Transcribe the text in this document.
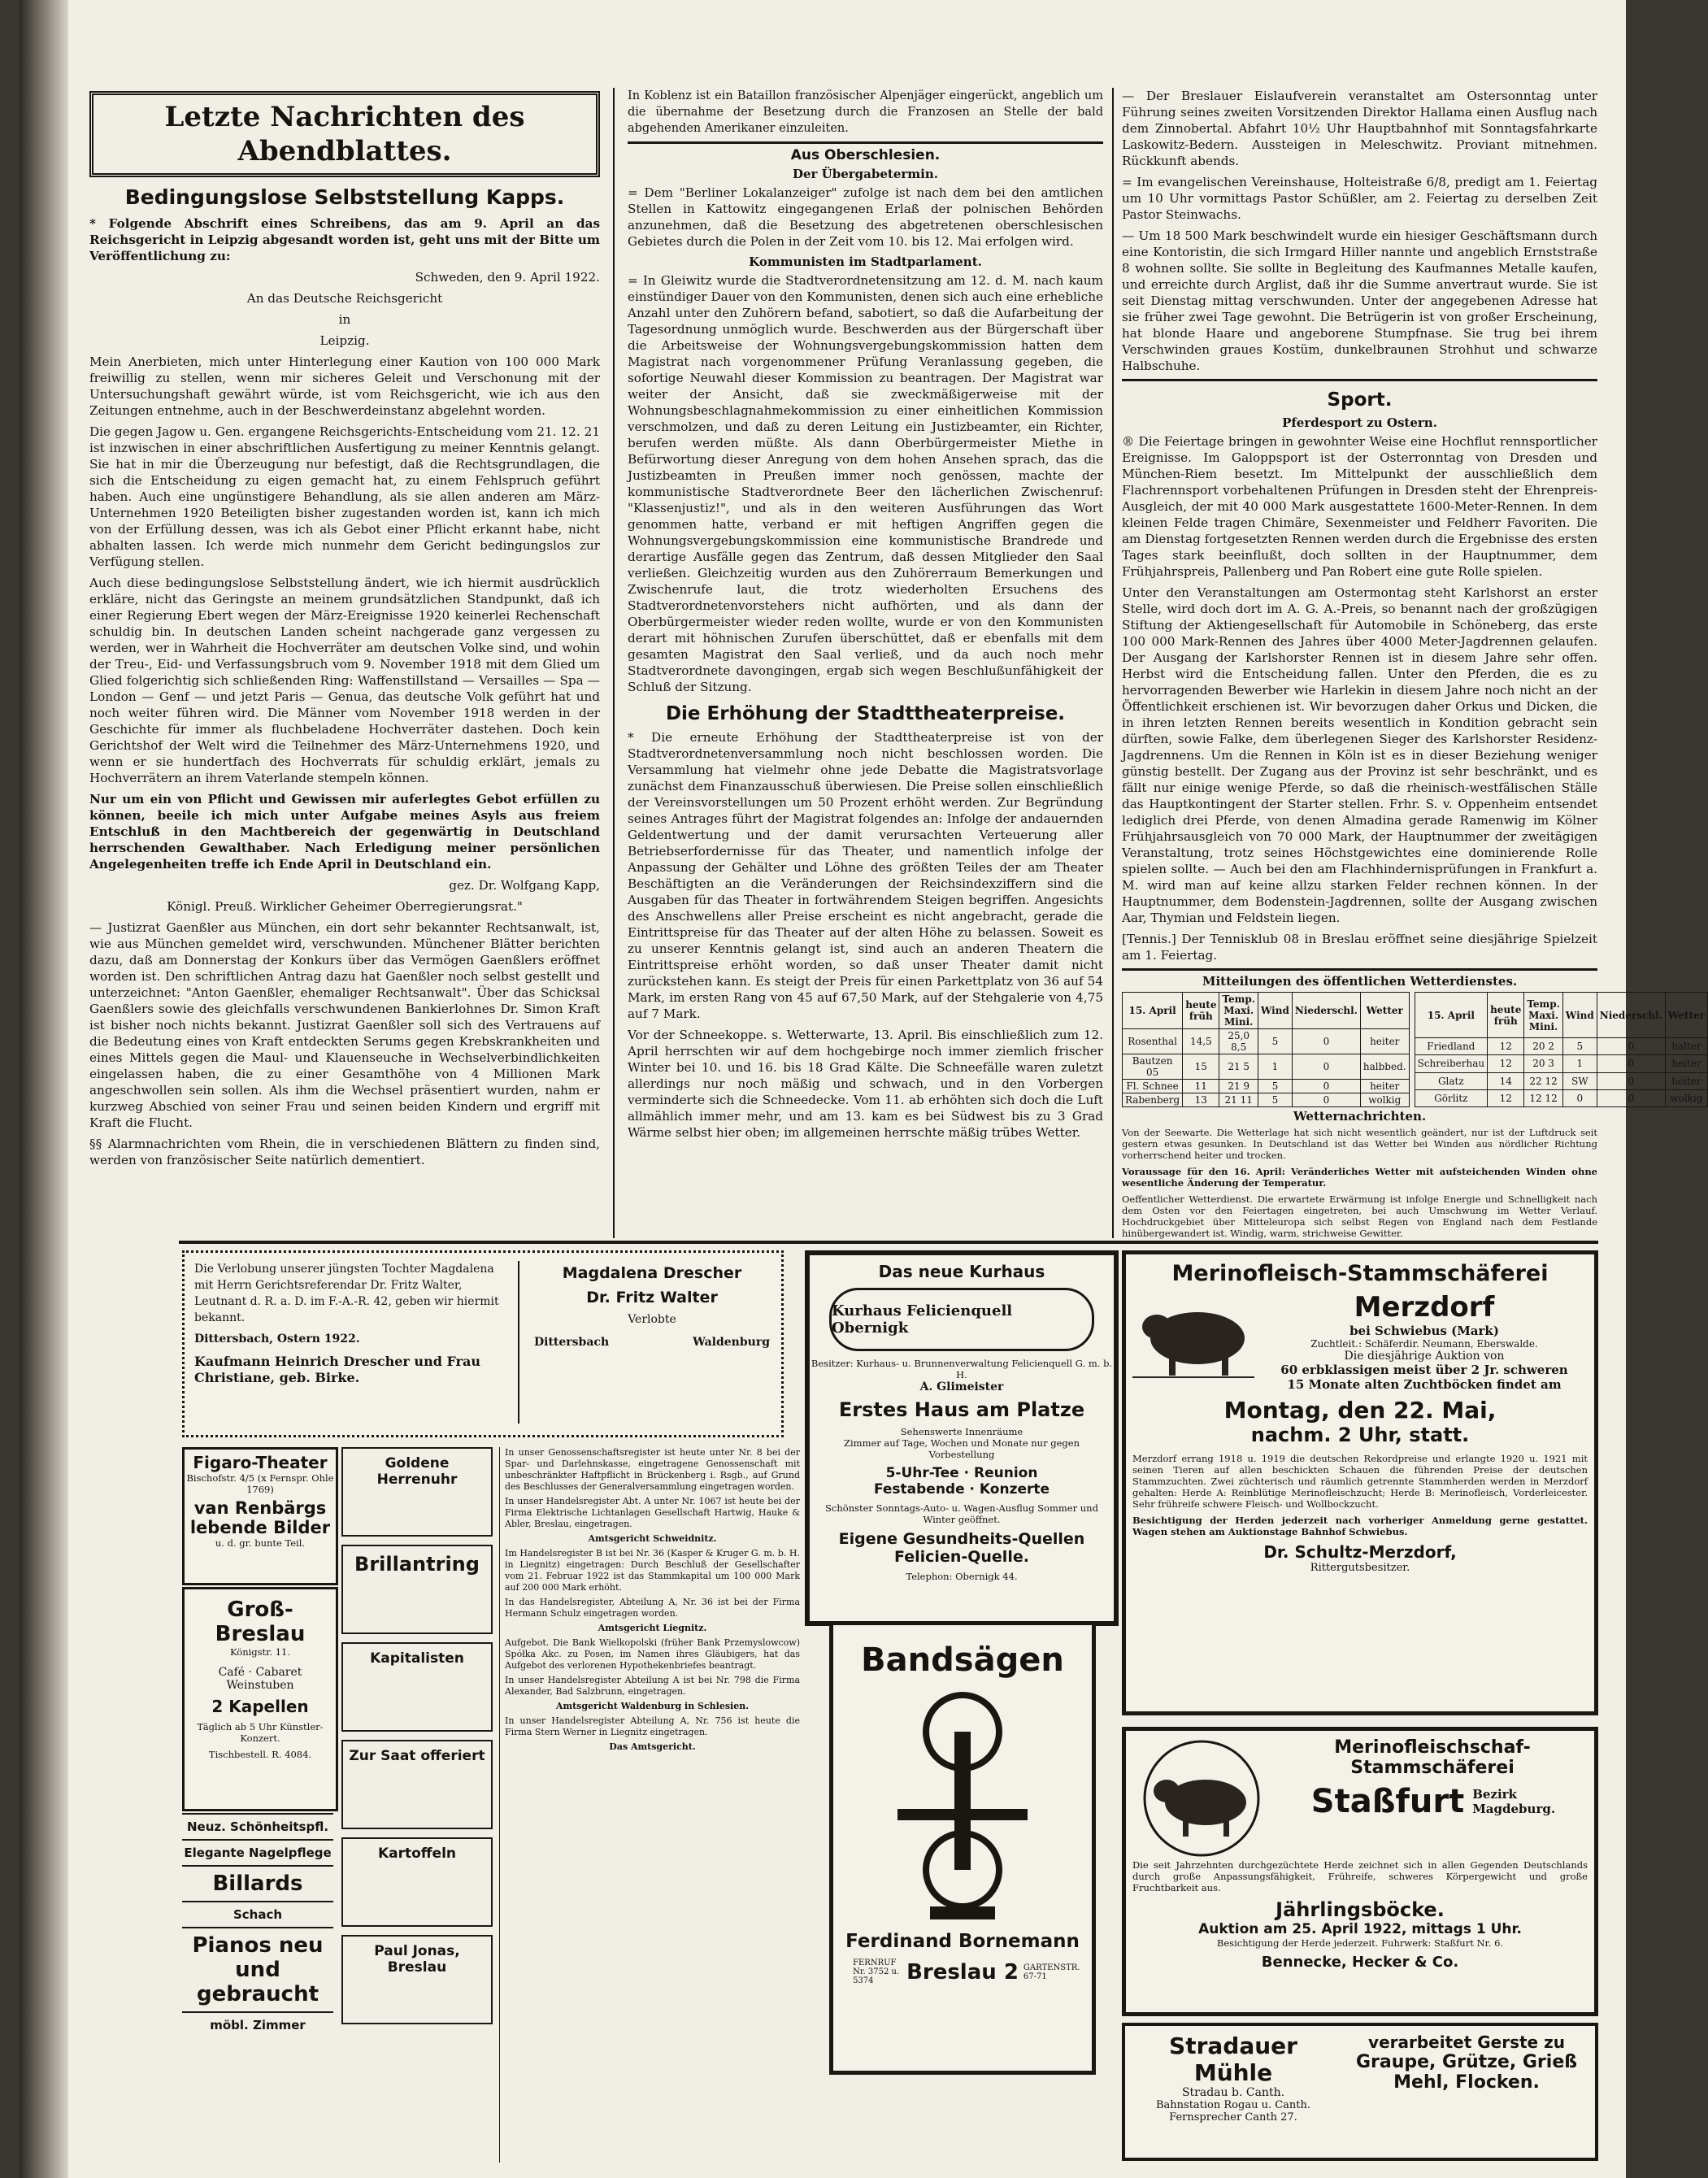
Letzte Nachrichten des Abendblattes.
Bedingungslose Selbststellung Kapps.

* Folgende Abschrift eines Schreibens, das am 9. April an das Reichsgericht in Leipzig abgesandt worden ist, geht uns mit der Bitte um Veröffentlichung zu:

Schweden, den 9. April 1922.

An das Deutsche Reichsgericht

in

Leipzig.

Mein Anerbieten, mich unter Hinterlegung einer Kaution von 100 000 Mark freiwillig zu stellen, wenn mir sicheres Geleit und Verschonung mit der Untersuchungshaft gewährt würde, ist vom Reichsgericht, wie ich aus den Zeitungen entnehme, auch in der Beschwerdeinstanz abgelehnt worden.

Die gegen Jagow u. Gen. ergangene Reichsgerichts-Entscheidung vom 21. 12. 21 ist inzwischen in einer abschriftlichen Ausfertigung zu meiner Kenntnis gelangt. Sie hat in mir die Überzeugung nur befestigt, daß die Rechtsgrundlagen, die sich die Entscheidung zu eigen gemacht hat, zu einem Fehlspruch geführt haben. Auch eine ungünstigere Behandlung, als sie allen anderen am März-Unternehmen 1920 Beteiligten bisher zugestanden worden ist, kann ich mich von der Erfüllung dessen, was ich als Gebot einer Pflicht erkannt habe, nicht abhalten lassen. Ich werde mich nunmehr dem Gericht bedingungslos zur Verfügung stellen.

Auch diese bedingungslose Selbststellung ändert, wie ich hiermit ausdrücklich erkläre, nicht das Geringste an meinem grundsätzlichen Standpunkt, daß ich einer Regierung Ebert wegen der März-Ereignisse 1920 keinerlei Rechenschaft schuldig bin. In deutschen Landen scheint nachgerade ganz vergessen zu werden, wer in Wahrheit die Hochverräter am deutschen Volke sind, und wohin der Treu-, Eid- und Verfassungsbruch vom 9. November 1918 mit dem Glied um Glied folgerichtig sich schließenden Ring: Waffenstillstand — Versailles — Spa — London — Genf — und jetzt Paris — Genua, das deutsche Volk geführt hat und noch weiter führen wird. Die Männer vom November 1918 werden in der Geschichte für immer als fluchbeladene Hochverräter dastehen. Doch kein Gerichtshof der Welt wird die Teilnehmer des März-Unternehmens 1920, und wenn er sie hundertfach des Hochverrats für schuldig erklärt, jemals zu Hochverrätern an ihrem Vaterlande stempeln können.

Nur um ein von Pflicht und Gewissen mir auferlegtes Gebot erfüllen zu können, beeile ich mich unter Aufgabe meines Asyls aus freiem Entschluß in den Machtbereich der gegenwärtig in Deutschland herrschenden Gewalthaber. Nach Erledigung meiner persönlichen Angelegenheiten treffe ich Ende April in Deutschland ein.

gez. Dr. Wolfgang Kapp,

Königl. Preuß. Wirklicher Geheimer Oberregierungsrat."

— Justizrat Gaenßler aus München, ein dort sehr bekannter Rechtsanwalt, ist, wie aus München gemeldet wird, verschwunden. Münchener Blätter berichten dazu, daß am Donnerstag der Konkurs über das Vermögen Gaenßlers eröffnet worden ist. Den schriftlichen Antrag dazu hat Gaenßler noch selbst gestellt und unterzeichnet: "Anton Gaenßler, ehemaliger Rechtsanwalt". Über das Schicksal Gaenßlers sowie des gleichfalls verschwundenen Bankierlohnes Dr. Simon Kraft ist bisher noch nichts bekannt. Justizrat Gaenßler soll sich des Vertrauens auf die Bedeutung eines von Kraft entdeckten Serums gegen Krebskrankheiten und eines Mittels gegen die Maul- und Klauenseuche in Wechselverbindlichkeiten eingelassen haben, die zu einer Gesamthöhe von 4 Millionen Mark angeschwollen sein sollen. Als ihm die Wechsel präsentiert wurden, nahm er kurzweg Abschied von seiner Frau und seinen beiden Kindern und ergriff mit Kraft die Flucht.

§§ Alarmnachrichten vom Rhein, die in verschiedenen Blättern zu finden sind, werden von französischer Seite natürlich dementiert.

In Koblenz ist ein Bataillon französischer Alpenjäger eingerückt, angeblich um die übernahme der Besetzung durch die Franzosen an Stelle der bald abgehenden Amerikaner einzuleiten.

Aus Oberschlesien.
Der Übergabetermin.

= Dem "Berliner Lokalanzeiger" zufolge ist nach dem bei den amtlichen Stellen in Kattowitz eingegangenen Erlaß der polnischen Behörden anzunehmen, daß die Besetzung des abgetretenen oberschlesischen Gebietes durch die Polen in der Zeit vom 10. bis 12. Mai erfolgen wird.

Kommunisten im Stadtparlament.

= In Gleiwitz wurde die Stadtverordnetensitzung am 12. d. M. nach kaum einstündiger Dauer von den Kommunisten, denen sich auch eine erhebliche Anzahl unter den Zuhörern befand, sabotiert, so daß die Aufarbeitung der Tagesordnung unmöglich wurde. Beschwerden aus der Bürgerschaft über die Arbeitsweise der Wohnungsvergebungskommission hatten dem Magistrat nach vorgenommener Prüfung Veranlassung gegeben, die sofortige Neuwahl dieser Kommission zu beantragen. Der Magistrat war weiter der Ansicht, daß sie zweckmäßigerweise mit der Wohnungsbeschlagnahmekommission zu einer einheitlichen Kommission verschmolzen, und daß zu deren Leitung ein Justizbeamter, ein Richter, berufen werden müßte. Als dann Oberbürgermeister Miethe in Befürwortung dieser Anregung von dem hohen Ansehen sprach, das die Justizbeamten in Preußen immer noch genössen, machte der kommunistische Stadtverordnete Beer den lächerlichen Zwischenruf: "Klassenjustiz!", und als in den weiteren Ausführungen das Wort genommen hatte, verband er mit heftigen Angriffen gegen die Wohnungsvergebungskommission eine kommunistische Brandrede und derartige Ausfälle gegen das Zentrum, daß dessen Mitglieder den Saal verließen. Gleichzeitig wurden aus den Zuhörerraum Bemerkungen und Zwischenrufe laut, die trotz wiederholten Ersuchens des Stadtverordnetenvorstehers nicht aufhörten, und als dann der Oberbürgermeister wieder reden wollte, wurde er von den Kommunisten derart mit höhnischen Zurufen überschüttet, daß er ebenfalls mit dem gesamten Magistrat den Saal verließ, und da auch noch mehr Stadtverordnete davongingen, ergab sich wegen Beschlußunfähigkeit der Schluß der Sitzung.

Die Erhöhung der Stadttheaterpreise.

* Die erneute Erhöhung der Stadttheaterpreise ist von der Stadtverordnetenversammlung noch nicht beschlossen worden. Die Versammlung hat vielmehr ohne jede Debatte die Magistratsvorlage zunächst dem Finanzausschuß überwiesen. Die Preise sollen einschließlich der Vereinsvorstellungen um 50 Prozent erhöht werden. Zur Begründung seines Antrages führt der Magistrat folgendes an: Infolge der andauernden Geldentwertung und der damit verursachten Verteuerung aller Betriebserfordernisse für das Theater, und namentlich infolge der Anpassung der Gehälter und Löhne des größten Teiles der am Theater Beschäftigten an die Veränderungen der Reichsindexziffern sind die Ausgaben für das Theater in fortwährendem Steigen begriffen. Angesichts des Anschwellens aller Preise erscheint es nicht angebracht, gerade die Eintrittspreise für das Theater auf der alten Höhe zu belassen. Soweit es zu unserer Kenntnis gelangt ist, sind auch an anderen Theatern die Eintrittspreise erhöht worden, so daß unser Theater damit nicht zurückstehen kann. Es steigt der Preis für einen Parkettplatz von 36 auf 54 Mark, im ersten Rang von 45 auf 67,50 Mark, auf der Stehgalerie von 4,75 auf 7 Mark.

Vor der Schneekoppe. s. Wetterwarte, 13. April. Bis einschließlich zum 12. April herrschten wir auf dem hochgebirge noch immer ziemlich frischer Winter bei 10. und 16. bis 18 Grad Kälte. Die Schneefälle waren zuletzt allerdings nur noch mäßig und schwach, und in den Vorbergen verminderte sich die Schneedecke. Vom 11. ab erhöhten sich doch die Luft allmählich immer mehr, und am 13. kam es bei Südwest bis zu 3 Grad Wärme selbst hier oben; im allgemeinen herrschte mäßig trübes Wetter.

— Der Breslauer Eislaufverein veranstaltet am Ostersonntag unter Führung seines zweiten Vorsitzenden Direktor Hallama einen Ausflug nach dem Zinnobertal. Abfahrt 10½ Uhr Hauptbahnhof mit Sonntagsfahrkarte Laskowitz-Bedern. Aussteigen in Meleschwitz. Proviant mitnehmen. Rückkunft abends.

= Im evangelischen Vereinshause, Holteistraße 6/8, predigt am 1. Feiertag um 10 Uhr vormittags Pastor Schüßler, am 2. Feiertag zu derselben Zeit Pastor Steinwachs.

— Um 18 500 Mark beschwindelt wurde ein hiesiger Geschäftsmann durch eine Kontoristin, die sich Irmgard Hiller nannte und angeblich Ernststraße 8 wohnen sollte. Sie sollte in Begleitung des Kaufmannes Metalle kaufen, und erreichte durch Arglist, daß ihr die Summe anvertraut wurde. Sie ist seit Dienstag mittag verschwunden. Unter der angegebenen Adresse hat sie früher zwei Tage gewohnt. Die Betrügerin ist von großer Erscheinung, hat blonde Haare und angeborene Stumpfnase. Sie trug bei ihrem Verschwinden graues Kostüm, dunkelbraunen Strohhut und schwarze Halbschuhe.

Sport.
Pferdesport zu Ostern.

® Die Feiertage bringen in gewohnter Weise eine Hochflut rennsportlicher Ereignisse. Im Galoppsport ist der Osterronntag von Dresden und München-Riem besetzt. Im Mittelpunkt der ausschließlich dem Flachrennsport vorbehaltenen Prüfungen in Dresden steht der Ehrenpreis-Ausgleich, der mit 40 000 Mark ausgestattete 1600-Meter-Rennen. In dem kleinen Felde tragen Chimäre, Sexenmeister und Feldherr Favoriten. Die am Dienstag fortgesetzten Rennen werden durch die Ergebnisse des ersten Tages stark beeinflußt, doch sollten in der Hauptnummer, dem Frühjahrspreis, Pallenberg und Pan Robert eine gute Rolle spielen.

Unter den Veranstaltungen am Ostermontag steht Karlshorst an erster Stelle, wird doch dort im A. G. A.-Preis, so benannt nach der großzügigen Stiftung der Aktiengesellschaft für Automobile in Schöneberg, das erste 100 000 Mark-Rennen des Jahres über 4000 Meter-Jagdrennen gelaufen. Der Ausgang der Karlshorster Rennen ist in diesem Jahre sehr offen. Herbst wird die Entscheidung fallen. Unter den Pferden, die es zu hervorragenden Bewerber wie Harlekin in diesem Jahre noch nicht an der Öffentlichkeit erschienen ist. Wir bevorzugen daher Orkus und Dicken, die in ihren letzten Rennen bereits wesentlich in Kondition gebracht sein dürften, sowie Falke, dem überlegenen Sieger des Karlshorster Residenz-Jagdrennens. Um die Rennen in Köln ist es in dieser Beziehung weniger günstig bestellt. Der Zugang aus der Provinz ist sehr beschränkt, und es fällt nur einige wenige Pferde, so daß die rheinisch-westfälischen Ställe das Hauptkontingent der Starter stellen. Frhr. S. v. Oppenheim entsendet lediglich drei Pferde, von denen Almadina gerade Ramenwig im Kölner Frühjahrsausgleich von 70 000 Mark, der Hauptnummer der zweitägigen Veranstaltung, trotz seines Höchstgewichtes eine dominierende Rolle spielen sollte. — Auch bei den am Flachhindernisprüfungen in Frankfurt a. M. wird man auf keine allzu starken Felder rechnen können. In der Hauptnummer, dem Bodenstein-Jagdrennen, sollte der Ausgang zwischen Aar, Thymian und Feldstein liegen.

[Tennis.] Der Tennisklub 08 in Breslau eröffnet seine diesjährige Spielzeit am 1. Feiertag.

Mitteilungen des öffentlichen Wetterdienstes.
15. April	heute früh	Temp. Maxi. Mini.	Wind	Niederschl.	Wetter
Rosenthal	14,5	25,0 8,5	5	0	heiter
Bautzen 05	15	21 5	1	0	halbbed.
Fl. Schnee	11	21 9	5	0	heiter
Rabenberg	13	21 11	5	0	wolkig
15. April	heute früh	Temp. Maxi. Mini.	Wind	Niederschl.	Wetter
Friedland	12	20 2	5	0	halter
Schreiberhau	12	20 3	1	0	heiter
Glatz	14	22 12	SW	0	heiter
Görlitz	12	12 12	0	0	wolkig
Wetternachrichten.

Von der Seewarte. Die Wetterlage hat sich nicht wesentlich geändert, nur ist der Luftdruck seit gestern etwas gesunken. In Deutschland ist das Wetter bei Winden aus nördlicher Richtung vorherrschend heiter und trocken.

Voraussage für den 16. April: Veränderliches Wetter mit aufsteichenden Winden ohne wesentliche Änderung der Temperatur.

Oeffentlicher Wetterdienst. Die erwartete Erwärmung ist infolge Energie und Schnelligkeit nach dem Osten vor den Feiertagen eingetreten, bei auch Umschwung im Wetter Verlauf. Hochdruckgebiet über Mitteleuropa sich selbst Regen von England nach dem Festlande hinübergewandert ist. Windig, warm, strichweise Gewitter.

Die Verlobung unserer jüngsten Tochter Magdalena mit Herrn Gerichtsreferendar Dr. Fritz Walter, Leutnant d. R. a. D. im F.-A.-R. 42, geben wir hiermit bekannt.
Dittersbach, Ostern 1922.
Kaufmann Heinrich Drescher und Frau Christiane, geb. Birke.
Magdalena Drescher
Dr. Fritz Walter
Verlobte
Dittersbach	Waldenburg
Das neue Kurhaus
Kurhaus Felicienquell Obernigk
Besitzer: Kurhaus- u. Brunnenverwaltung Felicienquell G. m. b. H.
A. Glimeister
Erstes Haus am Platze
Sehenswerte Innenräume
Zimmer auf Tage, Wochen und Monate nur gegen Vorbestellung
5-Uhr-Tee · Reunion
Festabende · Konzerte
Schönster Sonntags-Auto- u. Wagen-Ausflug Sommer und Winter geöffnet.
Eigene Gesundheits-Quellen Felicien-Quelle.
Telephon: Obernigk 44.
Merinofleisch-Stammschäferei
Merzdorf
bei Schwiebus (Mark)
Zuchtleit.: Schäferdir. Neumann, Eberswalde.
Die diesjährige Auktion von
60 erbklassigen meist über 2 Jr. schweren
15 Monate alten Zuchtböcken findet am
Montag, den 22. Mai,
nachm. 2 Uhr, statt.

Merzdorf errang 1918 u. 1919 die deutschen Rekordpreise und erlangte 1920 u. 1921 mit seinen Tieren auf allen beschickten Schauen die führenden Preise der deutschen Stammzuchten. Zwei züchterisch und räumlich getrennte Stammherden werden in Merzdorf gehalten: Herde A: Reinblütige Merinofleischzucht; Herde B: Merinofleisch, Vorderleicester. Sehr frühreife schwere Fleisch- und Wollbockzucht.

Besichtigung der Herden jederzeit nach vorheriger Anmeldung gerne gestattet. Wagen stehen am Auktionstage Bahnhof Schwiebus.

Dr. Schultz-Merzdorf,
Rittergutsbesitzer.
Merinofleischschaf-Stammschäferei
Staßfurt Bezirk Magdeburg.

Die seit Jahrzehnten durchgezüchtete Herde zeichnet sich in allen Gegenden Deutschlands durch große Anpassungsfähigkeit, Frühreife, schweres Körpergewicht und große Fruchtbarkeit aus.

Jährlingsböcke.
Auktion am 25. April 1922, mittags 1 Uhr.
Besichtigung der Herde jederzeit. Fuhrwerk: Staßfurt Nr. 6.
Bennecke, Hecker & Co.
Stradauer Mühle
Stradau b. Canth.
Bahnstation Rogau u. Canth.
Fernsprecher Canth 27.
verarbeitet Gerste zu
Graupe, Grütze, Grieß
Mehl, Flocken.
Bandsägen
Ferdinand Bornemann
FERNRUF Nr. 3752 u. 5374	Breslau 2 GARTENSTR. 67-71
Figaro-Theater
Bischofstr. 4/5 (x Fernspr. Ohle 1769)
van Renbärgs lebende Bilder
u. d. gr. bunte Teil.
Groß-Breslau
Königstr. 11.
Café · Cabaret
Weinstuben
2 Kapellen
Täglich ab 5 Uhr Künstler-Konzert.
Tischbestell. R. 4084.
Neuz. Schönheitspfl.
Elegante Nagelpflege
Billards
Schach
Pianos neu und gebraucht
möbl. Zimmer
Goldene Herrenuhr
Brillantring
Kapitalisten
Zur Saat offeriert
Kartoffeln
Paul Jonas, Breslau

In unser Genossenschaftsregister ist heute unter Nr. 8 bei der Spar- und Darlehnskasse, eingetragene Genossenschaft mit unbeschränkter Haftpflicht in Brückenberg i. Rsgb., auf Grund des Beschlusses der Generalversammlung eingetragen worden.

In unser Handelsregister Abt. A unter Nr. 1067 ist heute bei der Firma Elektrische Lichtanlagen Gesellschaft Hartwig, Hauke & Abler, Breslau, eingetragen.

Amtsgericht Schweidnitz.

Im Handelsregister B ist bei Nr. 36 (Kasper & Kruger G. m. b. H. in Liegnitz) eingetragen: Durch Beschluß der Gesellschafter vom 21. Februar 1922 ist das Stammkapital um 100 000 Mark auf 200 000 Mark erhöht.

In das Handelsregister, Abteilung A, Nr. 36 ist bei der Firma Hermann Schulz eingetragen worden.

Amtsgericht Liegnitz.

Aufgebot. Die Bank Wielkopolski (früher Bank Przemyslowcow) Spółka Akc. zu Posen, im Namen ihres Gläubigers, hat das Aufgebot des verlorenen Hypothekenbriefes beantragt.

In unser Handelsregister Abteilung A ist bei Nr. 798 die Firma Alexander, Bad Salzbrunn, eingetragen.

Amtsgericht Waldenburg in Schlesien.

In unser Handelsregister Abteilung A, Nr. 756 ist heute die Firma Stern Werner in Liegnitz eingetragen.

Das Amtsgericht.
